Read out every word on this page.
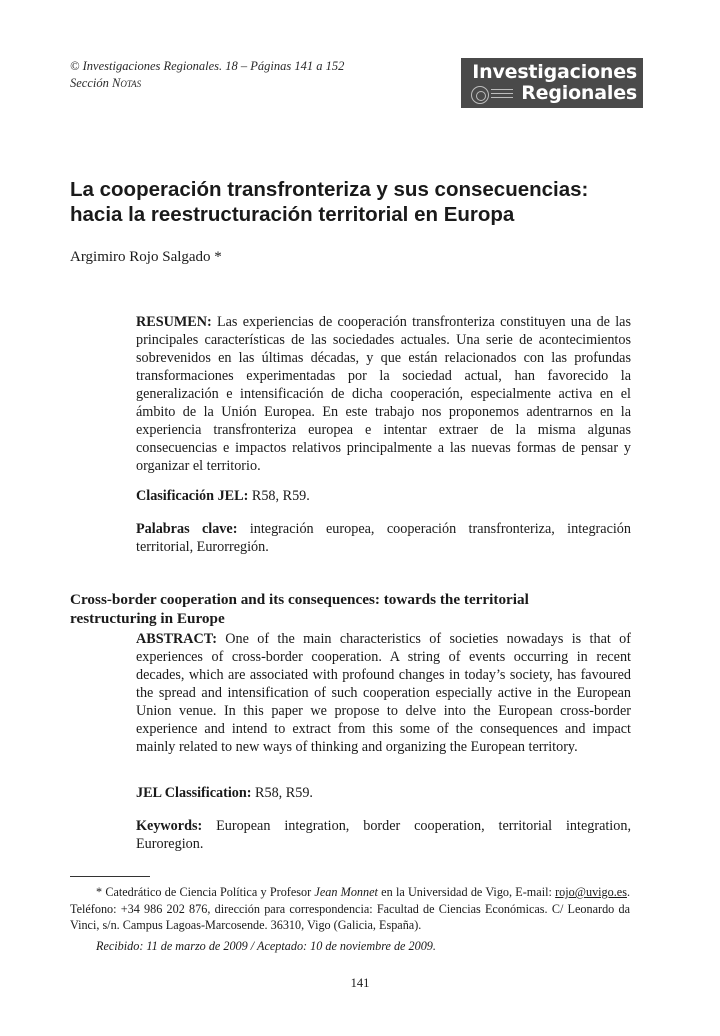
© Investigaciones Regionales. 18 – Páginas 141 a 152
Sección Notas	Investigaciones
Regionales
La cooperación transfronteriza y sus consecuencias:
hacia la reestructuración territorial en Europa
Argimiro Rojo Salgado *

RESUMEN: Las experiencias de cooperación transfronteriza constituyen una de las principales características de las sociedades actuales. Una serie de acontecimientos sobrevenidos en las últimas décadas, y que están relacionados con las profundas transformaciones experimentadas por la sociedad actual, han favorecido la generalización e intensificación de dicha cooperación, especialmente activa en el ámbito de la Unión Europea. En este trabajo nos proponemos adentrarnos en la experiencia transfronteriza europea e intentar extraer de la misma algunas consecuencias e impactos relativos principalmente a las nuevas formas de pensar y organizar el territorio.

Clasificación JEL: R58, R59.

Palabras clave: integración europea, cooperación transfronteriza, integración territorial, Eurorregión.

Cross-border cooperation and its consequences: towards the territorial
restructuring in Europe

ABSTRACT: One of the main characteristics of societies nowadays is that of experiences of cross-border cooperation. A string of events occurring in recent decades, which are associated with profound changes in today’s society, has favoured the spread and intensification of such cooperation especially active in the European Union venue. In this paper we propose to delve into the European cross-border experience and intend to extract from this some of the consequences and impact mainly related to new ways of thinking and organizing the European territory.

JEL Classification: R58, R59.

Keywords: European integration, border cooperation, territorial integration, Euroregion.

* Catedrático de Ciencia Política y Profesor Jean Monnet en la Universidad de Vigo, E-mail: rojo@uvigo.es. Teléfono: +34 986 202 876, dirección para correspondencia: Facultad de Ciencias Económicas. C/ Leonardo da Vinci, s/n. Campus Lagoas-Marcosende. 36310, Vigo (Galicia, España).

Recibido: 11 de marzo de 2009 / Aceptado: 10 de noviembre de 2009.
141
